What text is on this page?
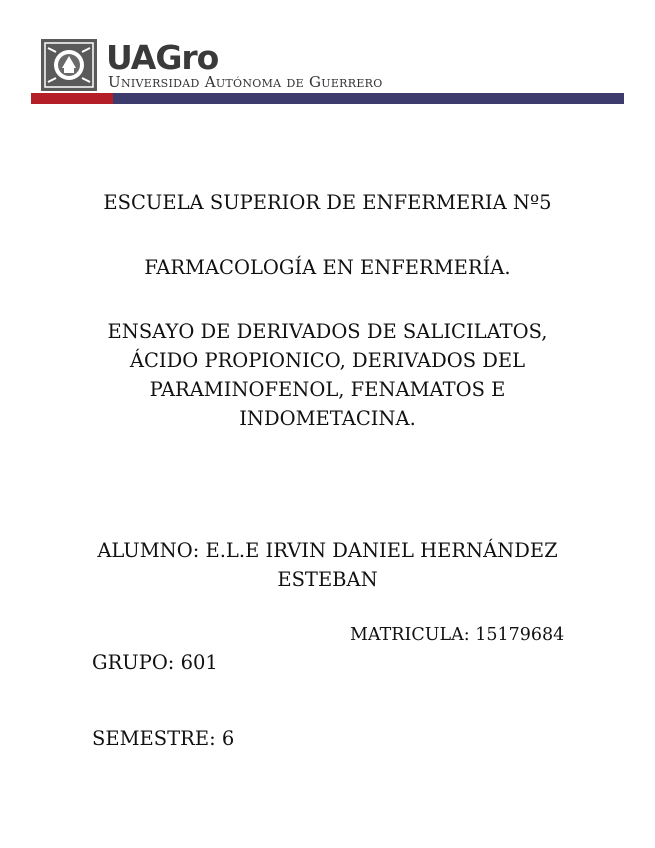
UAGro
Universidad Autónoma de Guerrero
ESCUELA SUPERIOR DE ENFERMERIA Nº5
FARMACOLOGÍA EN ENFERMERÍA.
ENSAYO DE DERIVADOS DE SALICILATOS,
ÁCIDO PROPIONICO, DERIVADOS DEL
PARAMINOFENOL, FENAMATOS E
INDOMETACINA.
ALUMNO: E.L.E IRVIN DANIEL HERNÁNDEZ
ESTEBAN
MATRICULA: 15179684
GRUPO: 601
SEMESTRE: 6
